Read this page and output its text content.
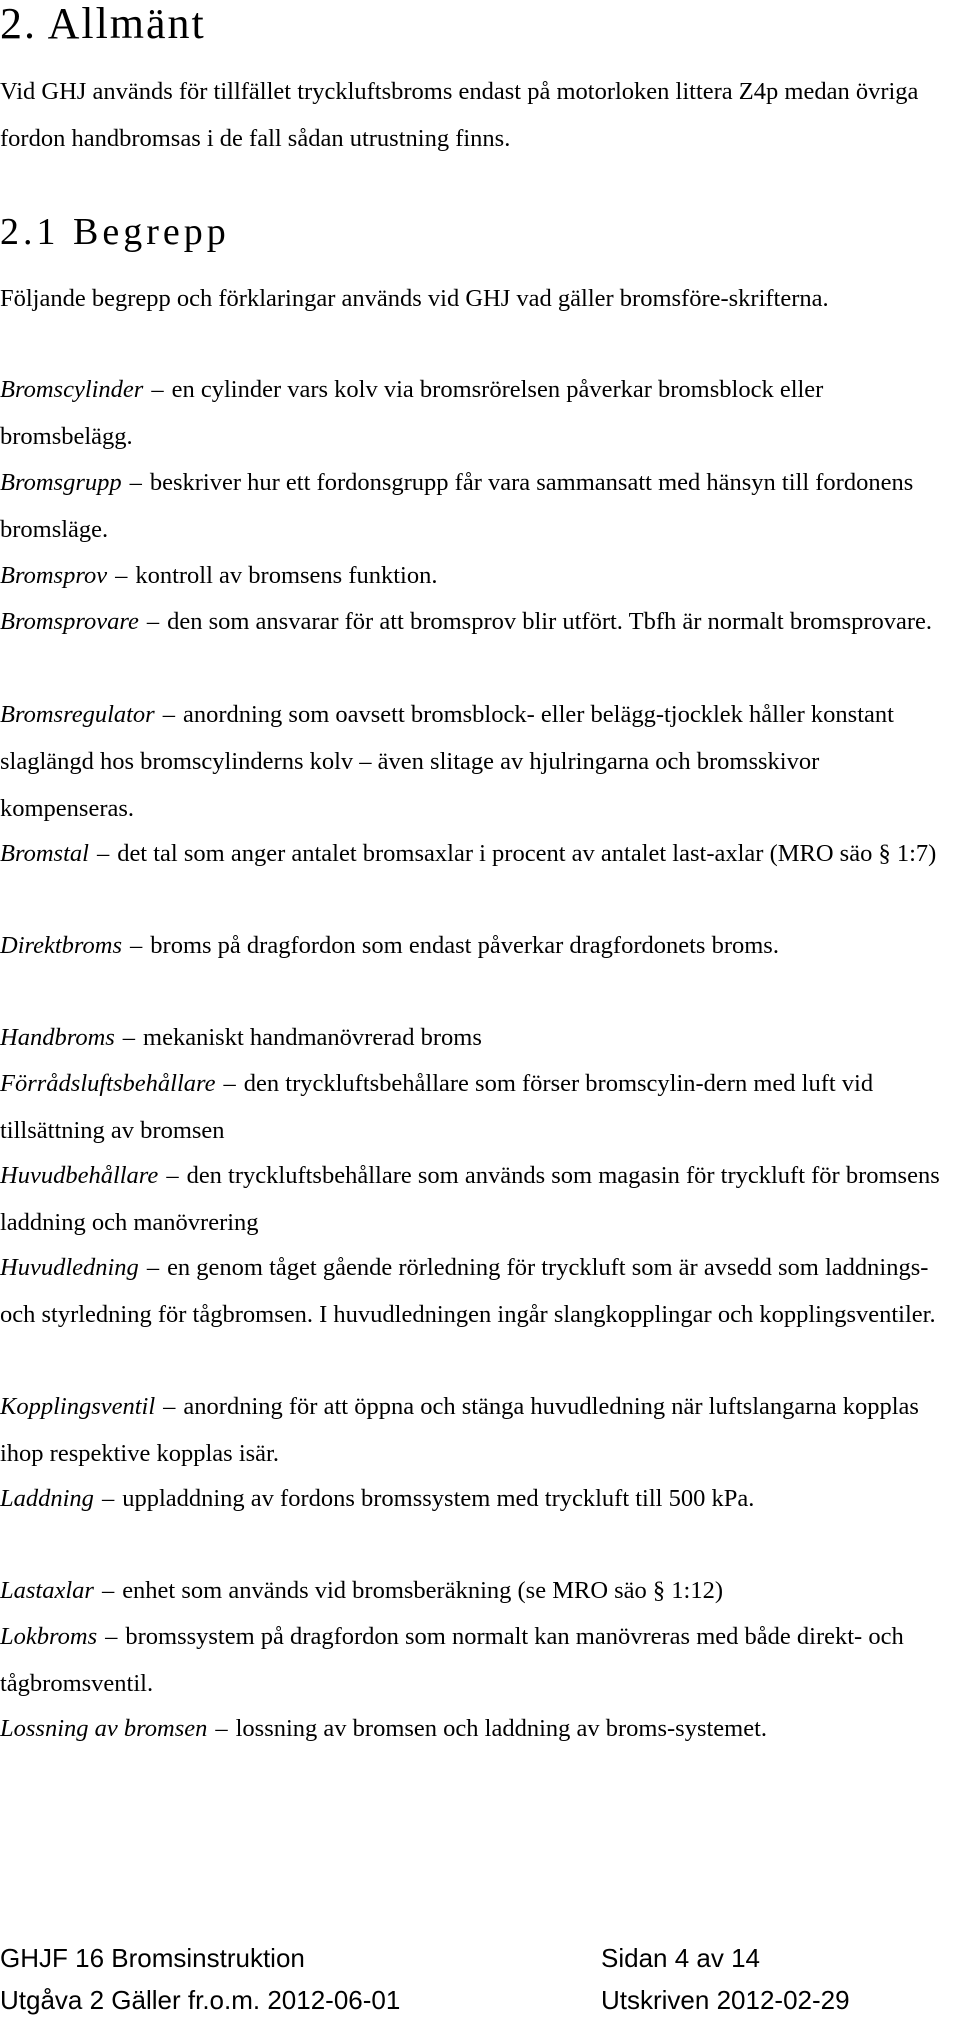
2. Allmänt
Vid GHJ används för tillfället tryckluftsbroms endast på motorloken littera Z4p medan övriga fordon handbromsas i de fall sådan utrustning finns.
2.1 Begrepp
Följande begrepp och förklaringar används vid GHJ vad gäller bromsföre-skrifterna.
Bromscylinder – en cylinder vars kolv via bromsrörelsen påverkar bromsblock eller bromsbelägg.
Bromsgrupp – beskriver hur ett fordonsgrupp får vara sammansatt med hänsyn till fordonens bromsläge.
Bromsprov – kontroll av bromsens funktion.
Bromsprovare – den som ansvarar för att bromsprov blir utfört. Tbfh är normalt bromsprovare.
Bromsregulator – anordning som oavsett bromsblock- eller belägg-tjocklek håller konstant slaglängd hos bromscylinderns kolv – även slitage av hjulringarna och bromsskivor kompenseras.
Bromstal – det tal som anger antalet bromsaxlar i procent av antalet last-axlar (MRO säo § 1:7)
Direktbroms – broms på dragfordon som endast påverkar dragfordonets broms.
Handbroms – mekaniskt handmanövrerad broms
Förrådsluftsbehållare – den tryckluftsbehållare som förser bromscylin-dern med luft vid tillsättning av bromsen
Huvudbehållare – den tryckluftsbehållare som används som magasin för tryckluft för bromsens laddning och manövrering
Huvudledning – en genom tåget gående rörledning för tryckluft som är avsedd som laddnings- och styrledning för tågbromsen. I huvudledningen ingår slangkopplingar och kopplingsventiler.
Kopplingsventil – anordning för att öppna och stänga huvudledning när luftslangarna kopplas ihop respektive kopplas isär.
Laddning – uppladdning av fordons bromssystem med tryckluft till 500 kPa.
Lastaxlar – enhet som används vid bromsberäkning (se MRO säo § 1:12)
Lokbroms – bromssystem på dragfordon som normalt kan manövreras med både direkt- och tågbromsventil.
Lossning av bromsen – lossning av bromsen och laddning av broms-systemet.
GHJF 16 Bromsinstruktion	Sidan 4 av 14
Utgåva 2 Gäller fr.o.m. 2012-06-01	Utskriven 2012-02-29
